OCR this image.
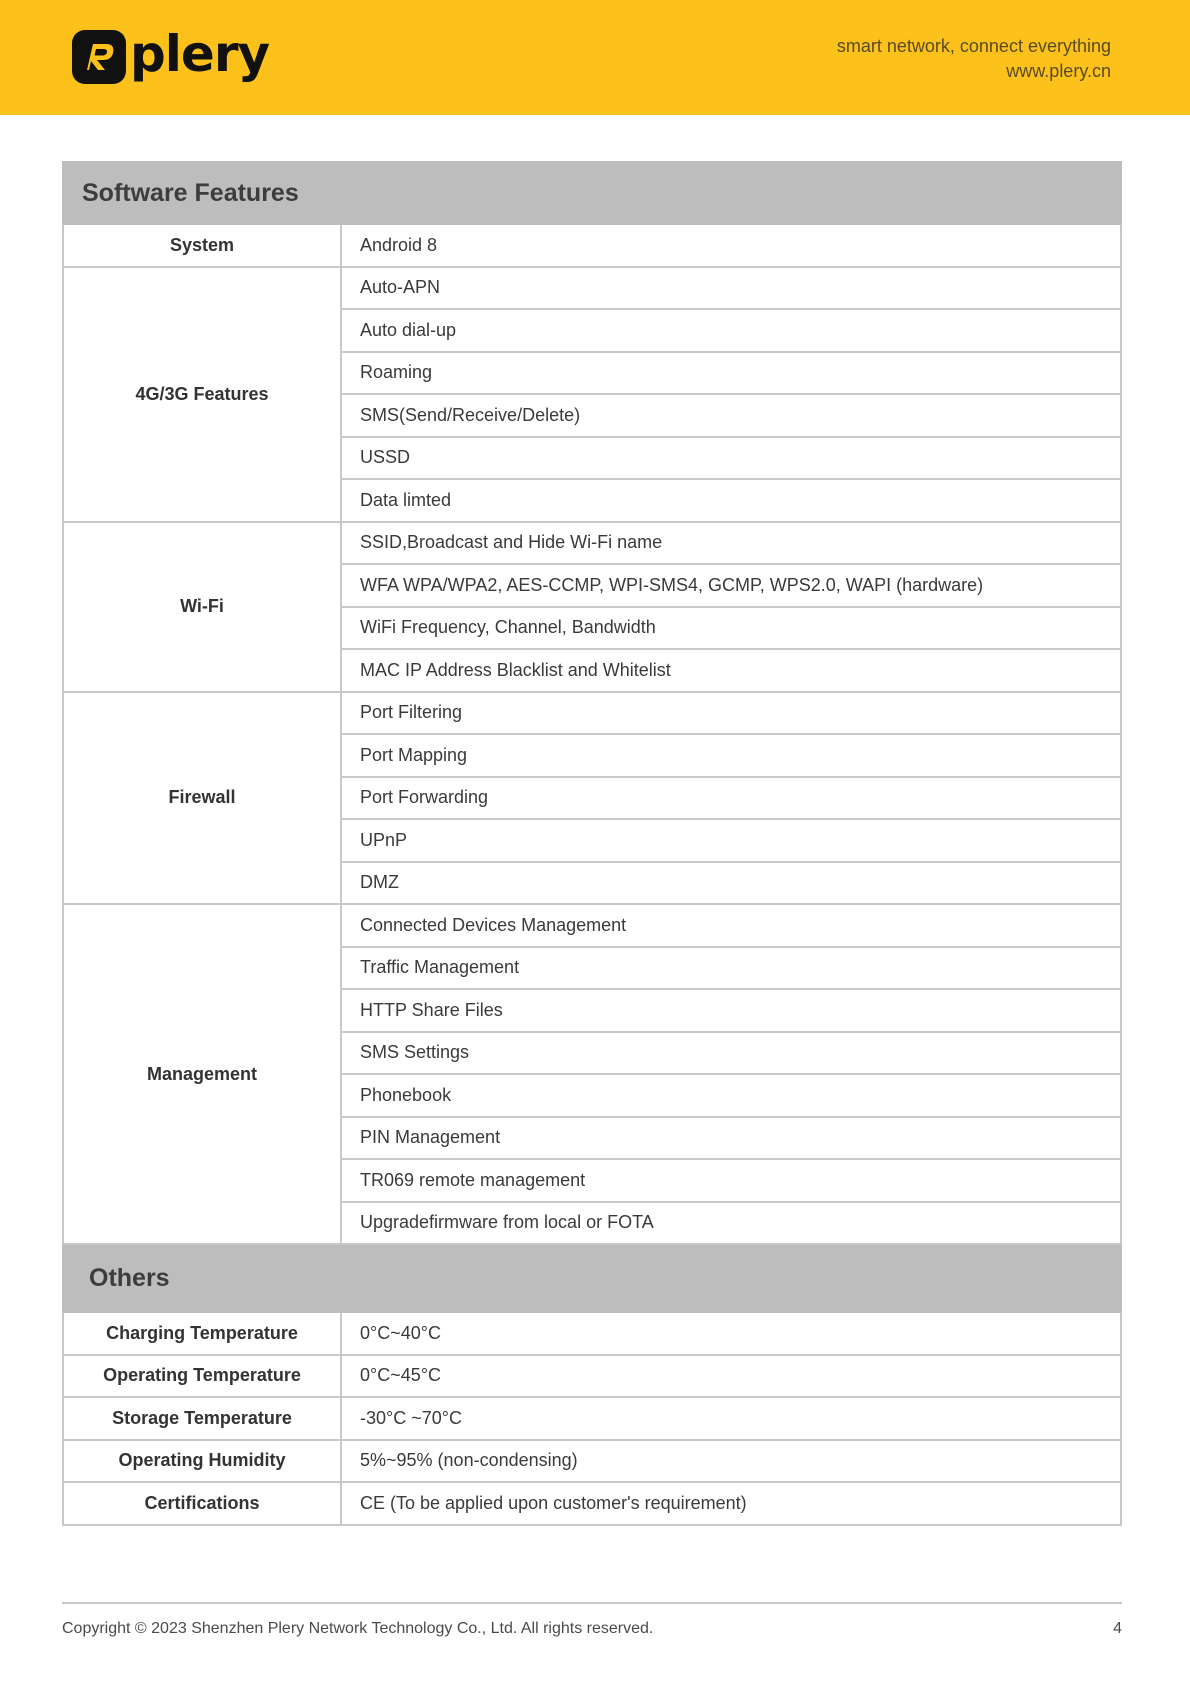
plery	smart network, connect everything
www.plery.cn
Software Features	
System	Android 8
4G/3G Features	Auto-APN
	Auto dial-up
	Roaming
	SMS(Send/Receive/Delete)
	USSD
	Data limted
Wi-Fi	SSID,Broadcast and Hide Wi-Fi name
	WFA WPA/WPA2, AES-CCMP, WPI-SMS4, GCMP, WPS2.0, WAPI (hardware)
	WiFi Frequency, Channel, Bandwidth
	MAC IP Address Blacklist and Whitelist
Firewall	Port Filtering
	Port Mapping
	Port Forwarding
	UPnP
	DMZ
Management	Connected Devices Management
	Traffic Management
	HTTP Share Files
	SMS Settings
	Phonebook
	PIN Management
	TR069 remote management
	Upgradefirmware from local or FOTA
Others	
Charging Temperature	0°C~40°C
Operating Temperature	0°C~45°C
Storage Temperature	-30°C ~70°C
Operating Humidity	5%~95% (non-condensing)
Certifications	CE (To be applied upon customer's requirement)
Copyright © 2023 Shenzhen Plery Network Technology Co., Ltd. All rights reserved.	4
